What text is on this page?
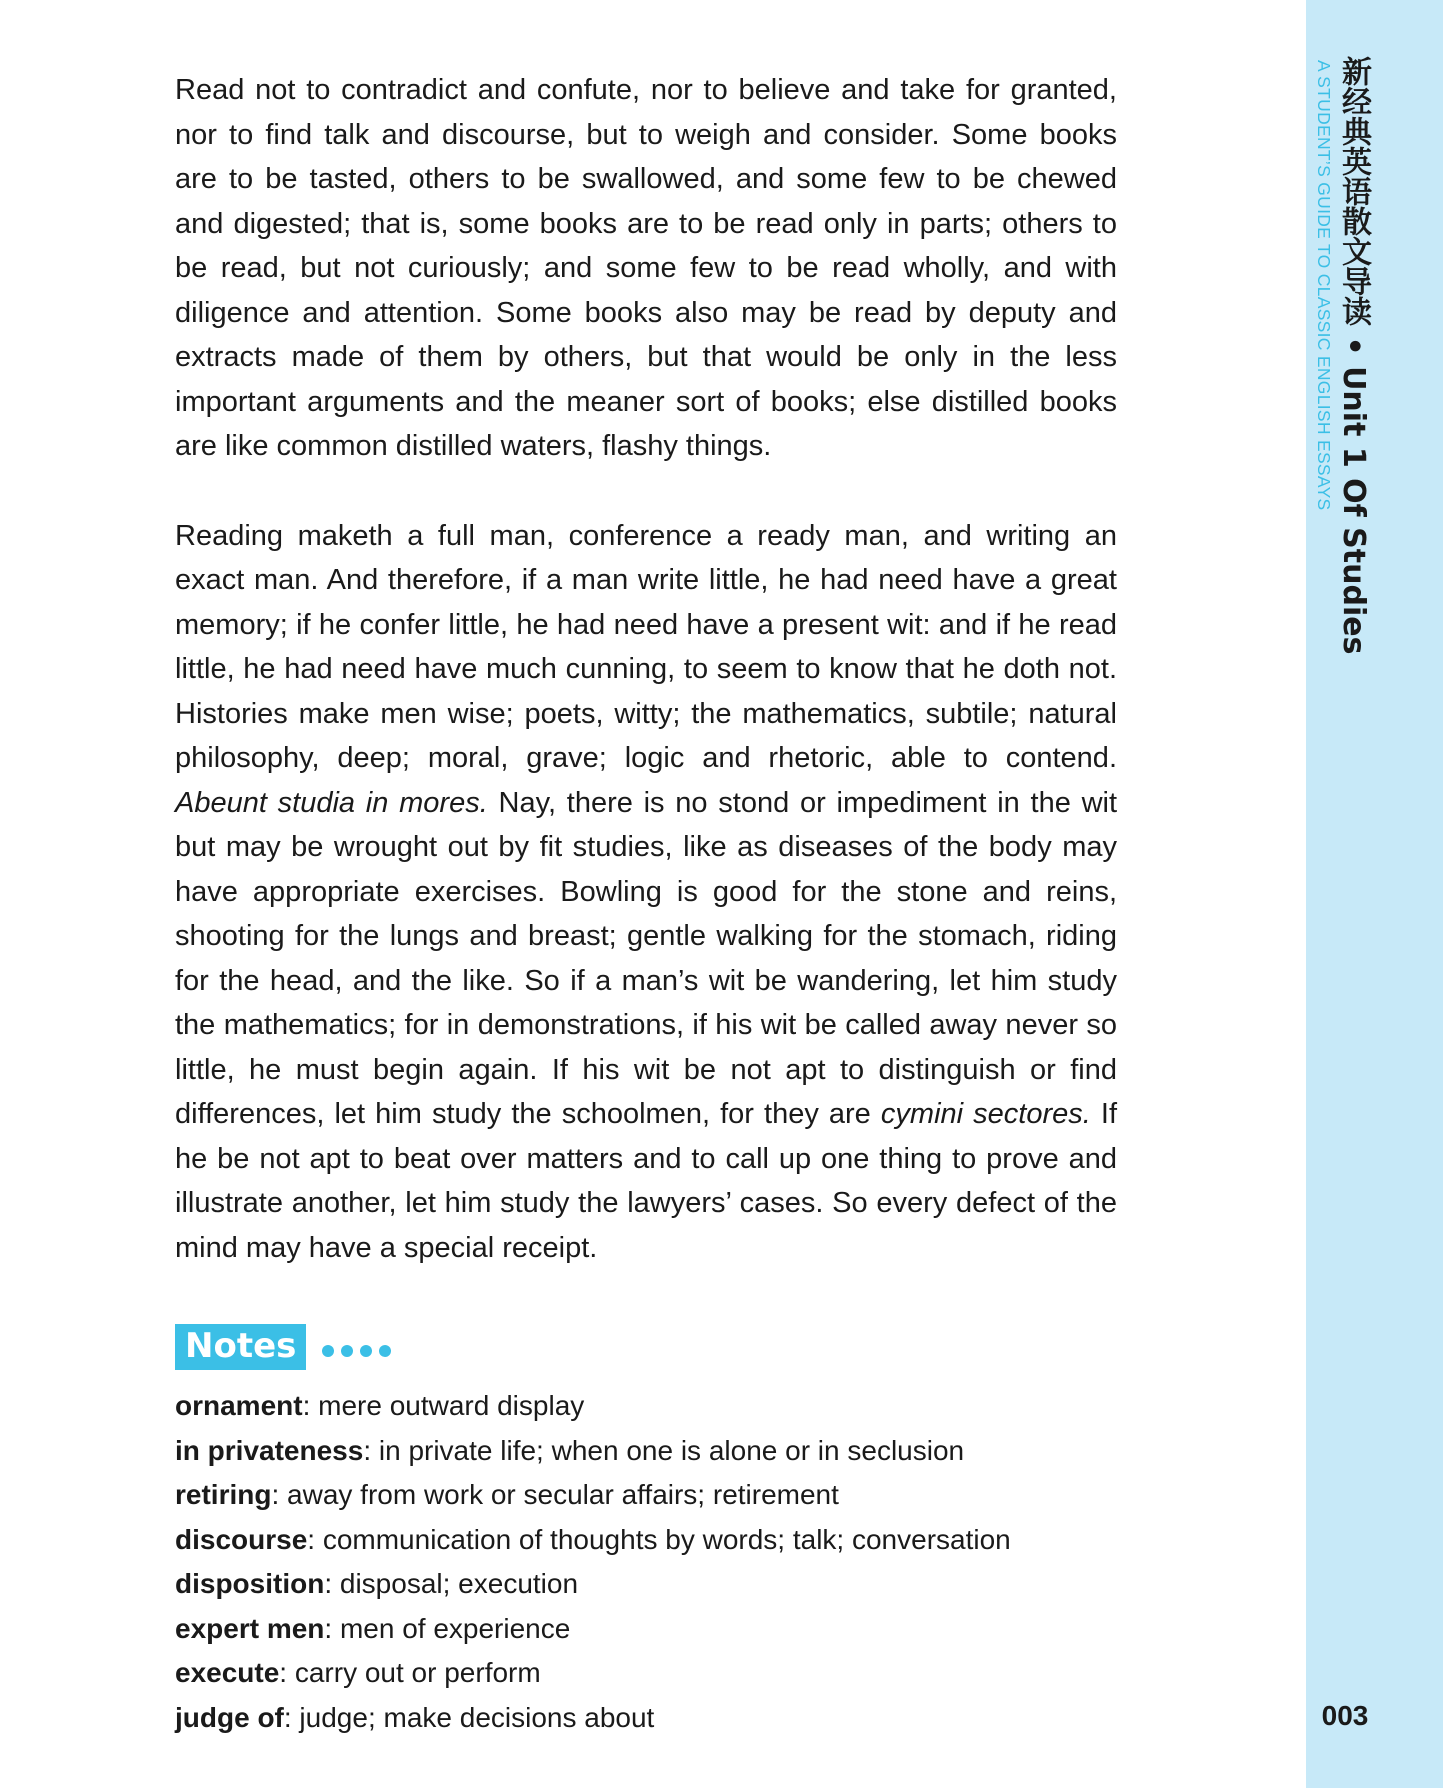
Read not to contradict and confute, nor to believe and take for granted, nor to find talk and discourse, but to weigh and consider. Some books are to be tasted, others to be swallowed, and some few to be chewed and digested; that is, some books are to be read only in parts; others to be read, but not curiously; and some few to be read wholly, and with diligence and attention. Some books also may be read by deputy and extracts made of them by others, but that would be only in the less important arguments and the meaner sort of books; else distilled books are like common distilled waters, flashy things.

Reading maketh a full man, conference a ready man, and writing an exact man. And therefore, if a man write little, he had need have a great memory; if he confer little, he had need have a present wit: and if he read little, he had need have much cunning, to seem to know that he doth not. Histories make men wise; poets, witty; the mathematics, subtile; natural philosophy, deep; moral, grave; logic and rhetoric, able to contend. Abeunt studia in mores. Nay, there is no stond or impediment in the wit but may be wrought out by fit studies, like as diseases of the body may have appropriate exercises. Bowling is good for the stone and reins, shooting for the lungs and breast; gentle walking for the stomach, riding for the head, and the like. So if a man’s wit be wandering, let him study the mathematics; for in demonstrations, if his wit be called away never so little, he must begin again. If his wit be not apt to distinguish or find differences, let him study the schoolmen, for they are cymini sectores. If he be not apt to beat over matters and to call up one thing to prove and illustrate another, let him study the lawyers’ cases. So every defect of the mind may have a special receipt.

Notes
ornament: mere outward display
in privateness: in private life; when one is alone or in seclusion
retiring: away from work or secular affairs; retirement
discourse: communication of thoughts by words; talk; conversation
disposition: disposal; execution
expert men: men of experience
execute: carry out or perform
judge of: judge; make decisions about
新经典英语散文导读 • Unit 1 Of Studies
A STUDENT’S GUIDE TO CLASSIC ENGLISH ESSAYS
003
